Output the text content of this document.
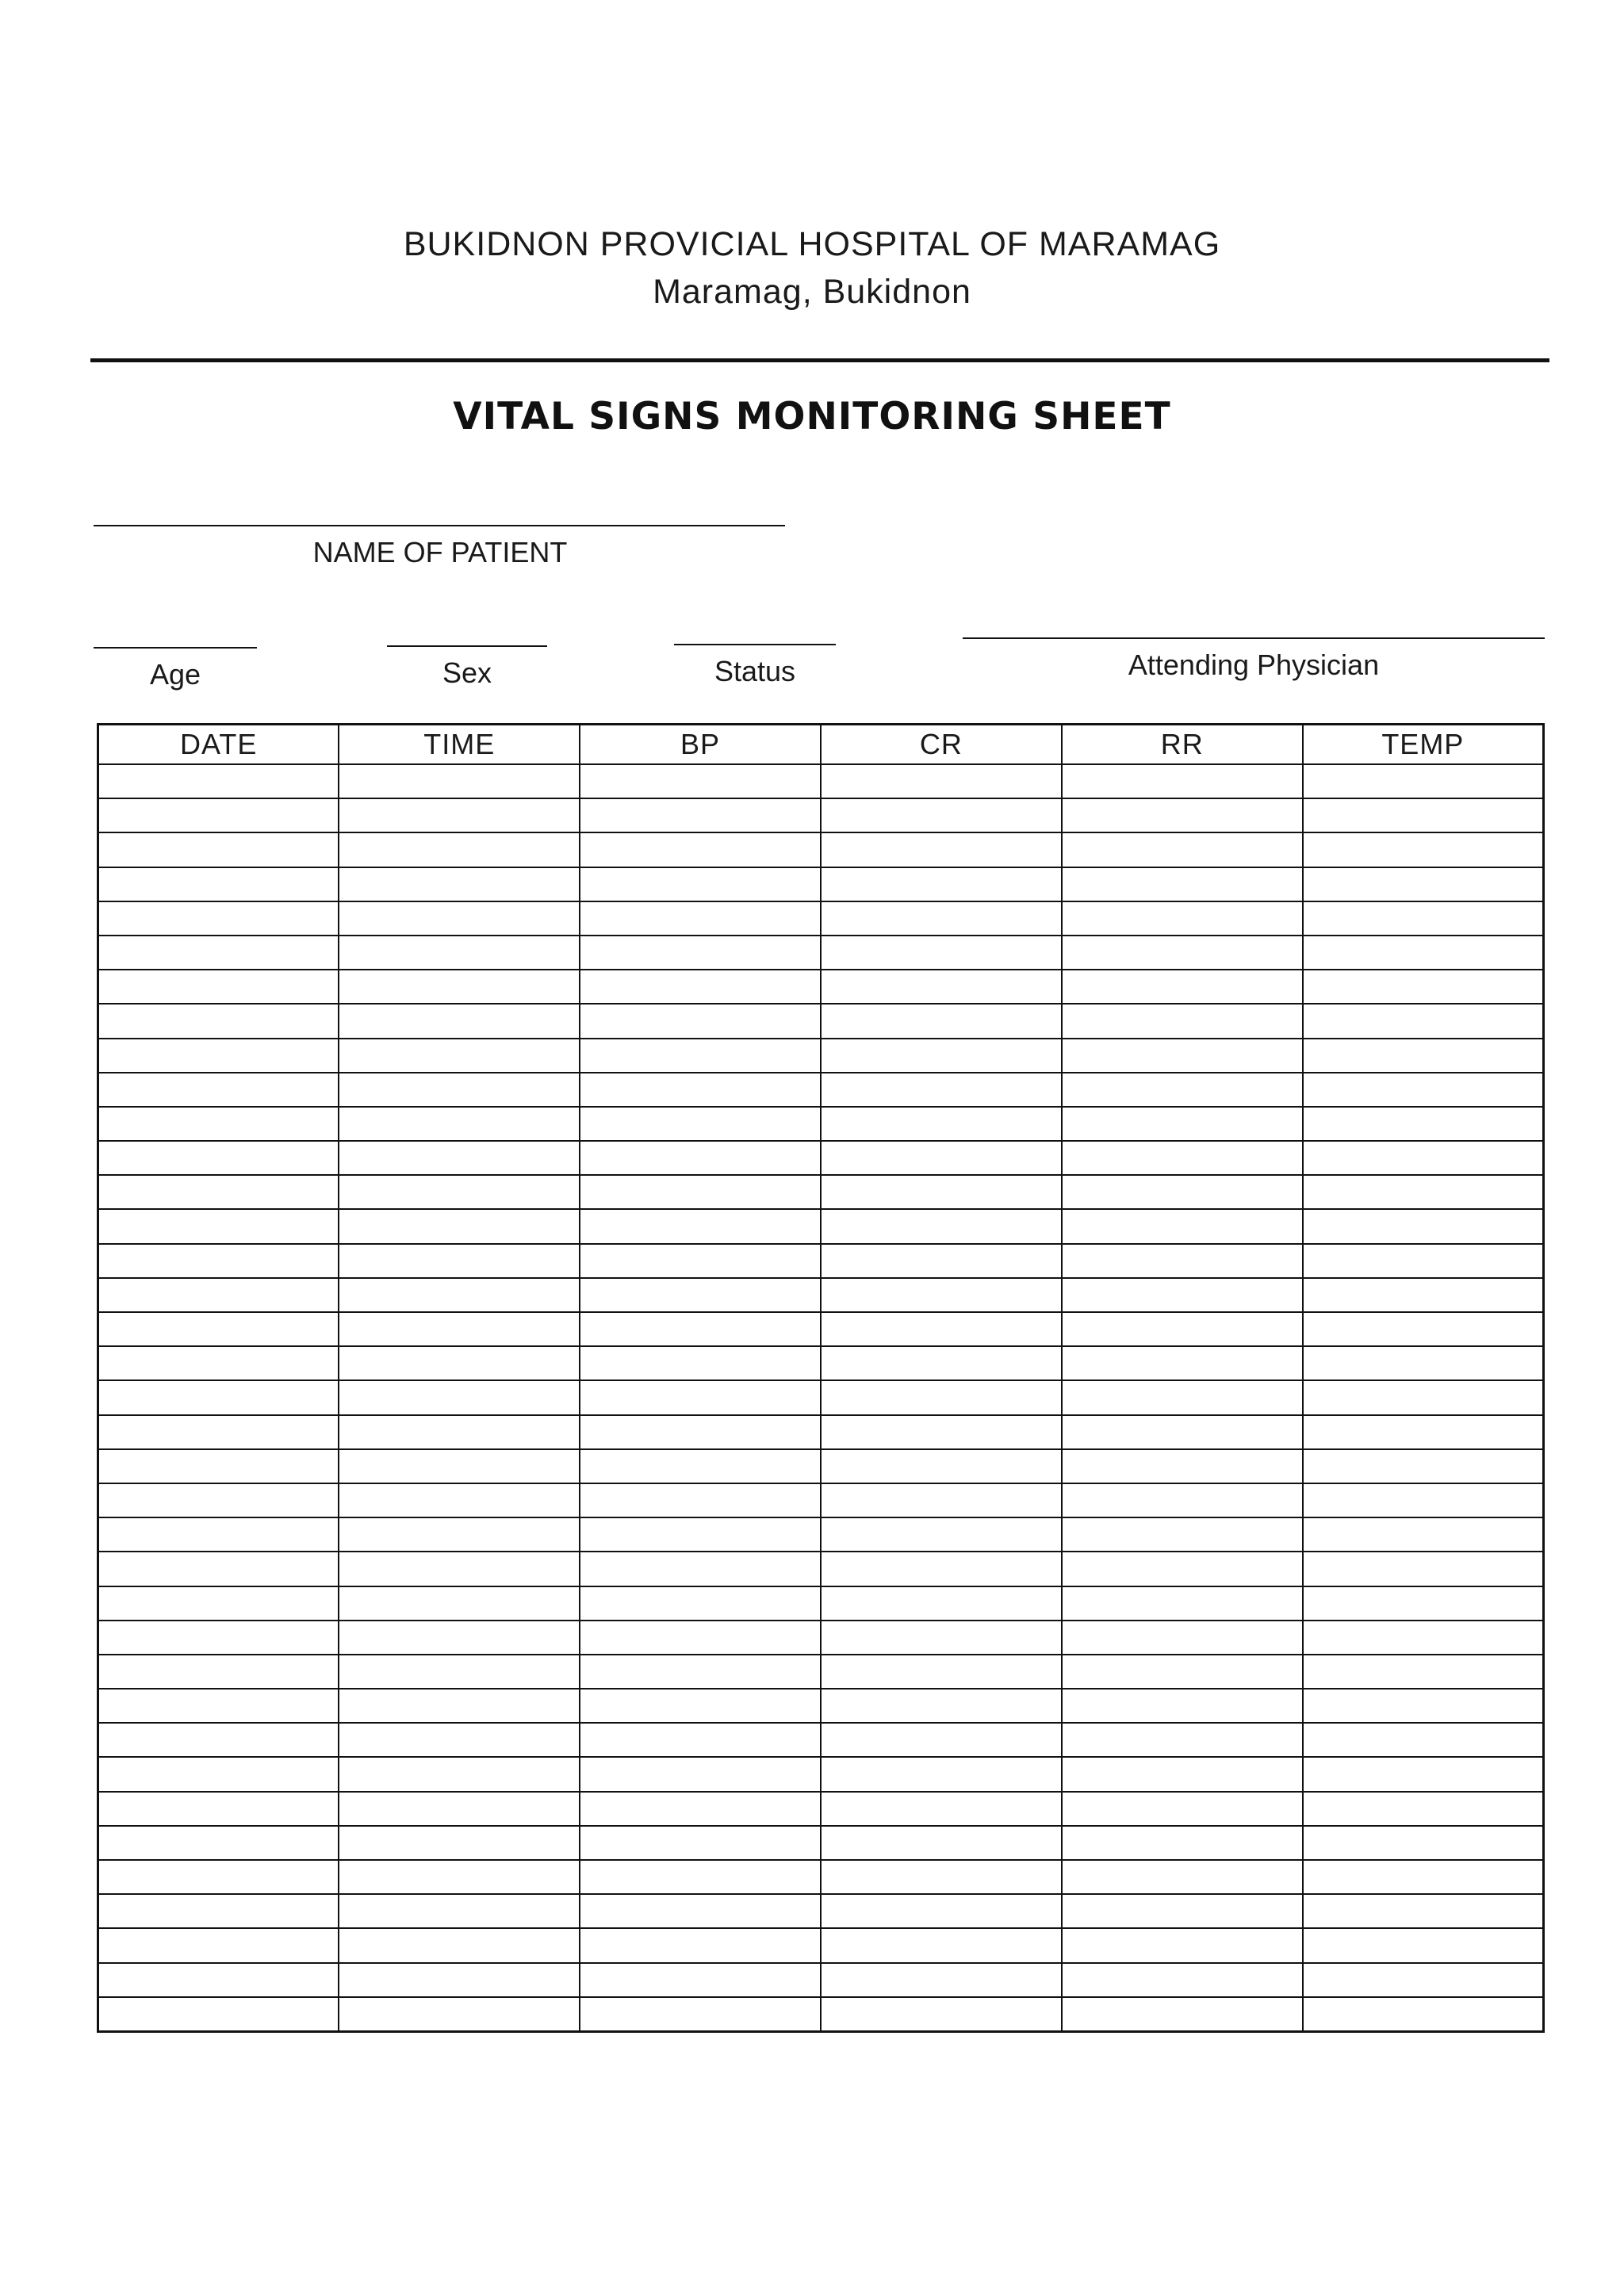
BUKIDNON PROVICIAL HOSPITAL OF MARAMAG
Maramag, Bukidnon
VITAL SIGNS MONITORING SHEET
NAME OF PATIENT
Age	Sex	Status	Attending Physician
DATE	TIME	BP	CR	RR	TEMP
